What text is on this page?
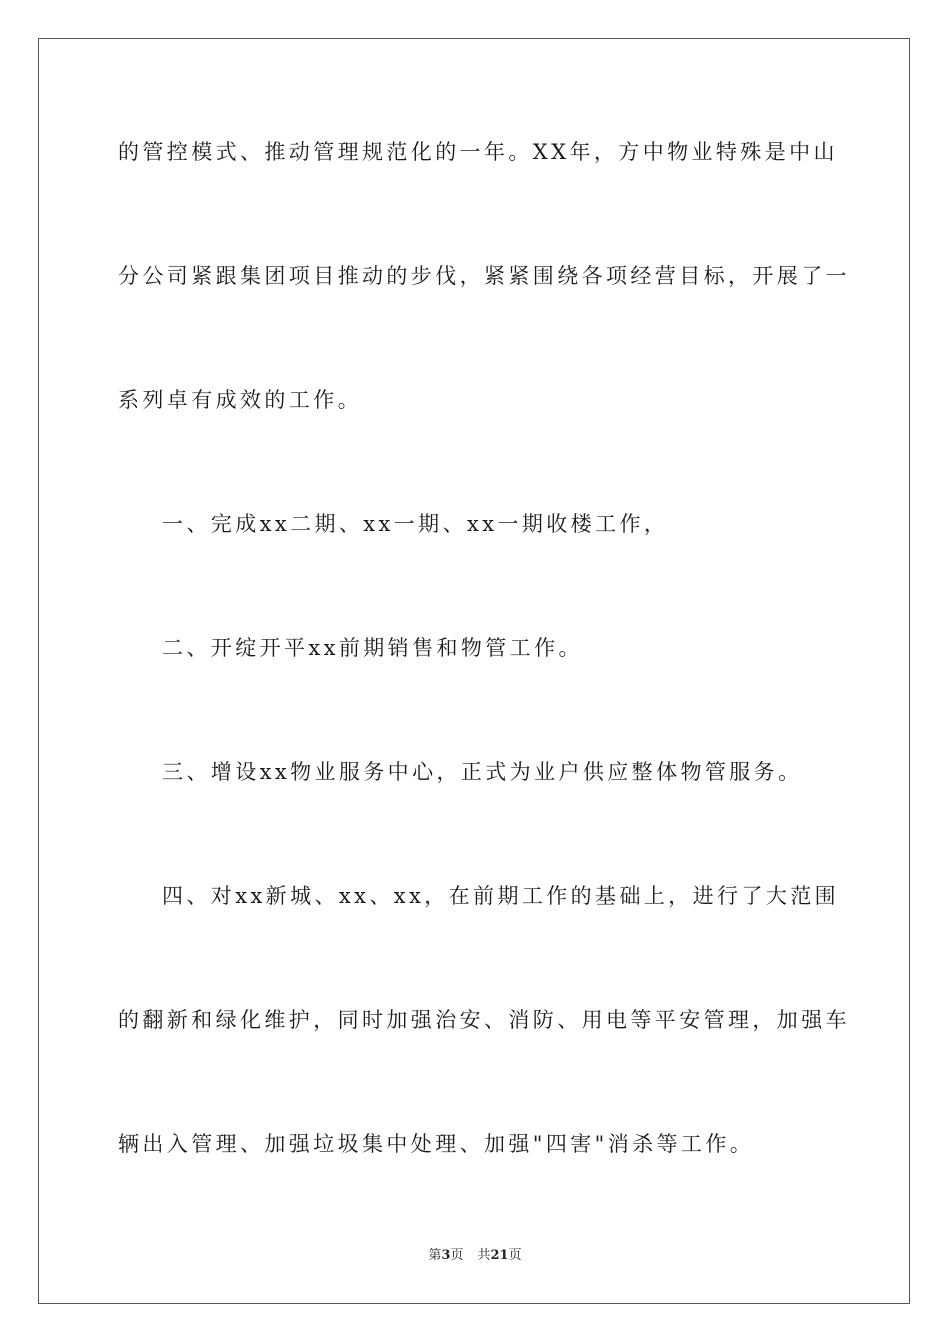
的管控模式、推动管理规范化的一年。XX年，方中物业特殊是中山
分公司紧跟集团项目推动的步伐，紧紧围绕各项经营目标，开展了一
系列卓有成效的工作。
一、完成xx二期、xx一期、xx一期收楼工作，
二、开绽开平xx前期销售和物管工作。
三、增设xx物业服务中心，正式为业户供应整体物管服务。
四、对xx新城、xx、xx，在前期工作的基础上，进行了大范围
的翻新和绿化维护，同时加强治安、消防、用电等平安管理，加强车
辆出入管理、加强垃圾集中处理、加强"四害"消杀等工作。
第3页 共21页
